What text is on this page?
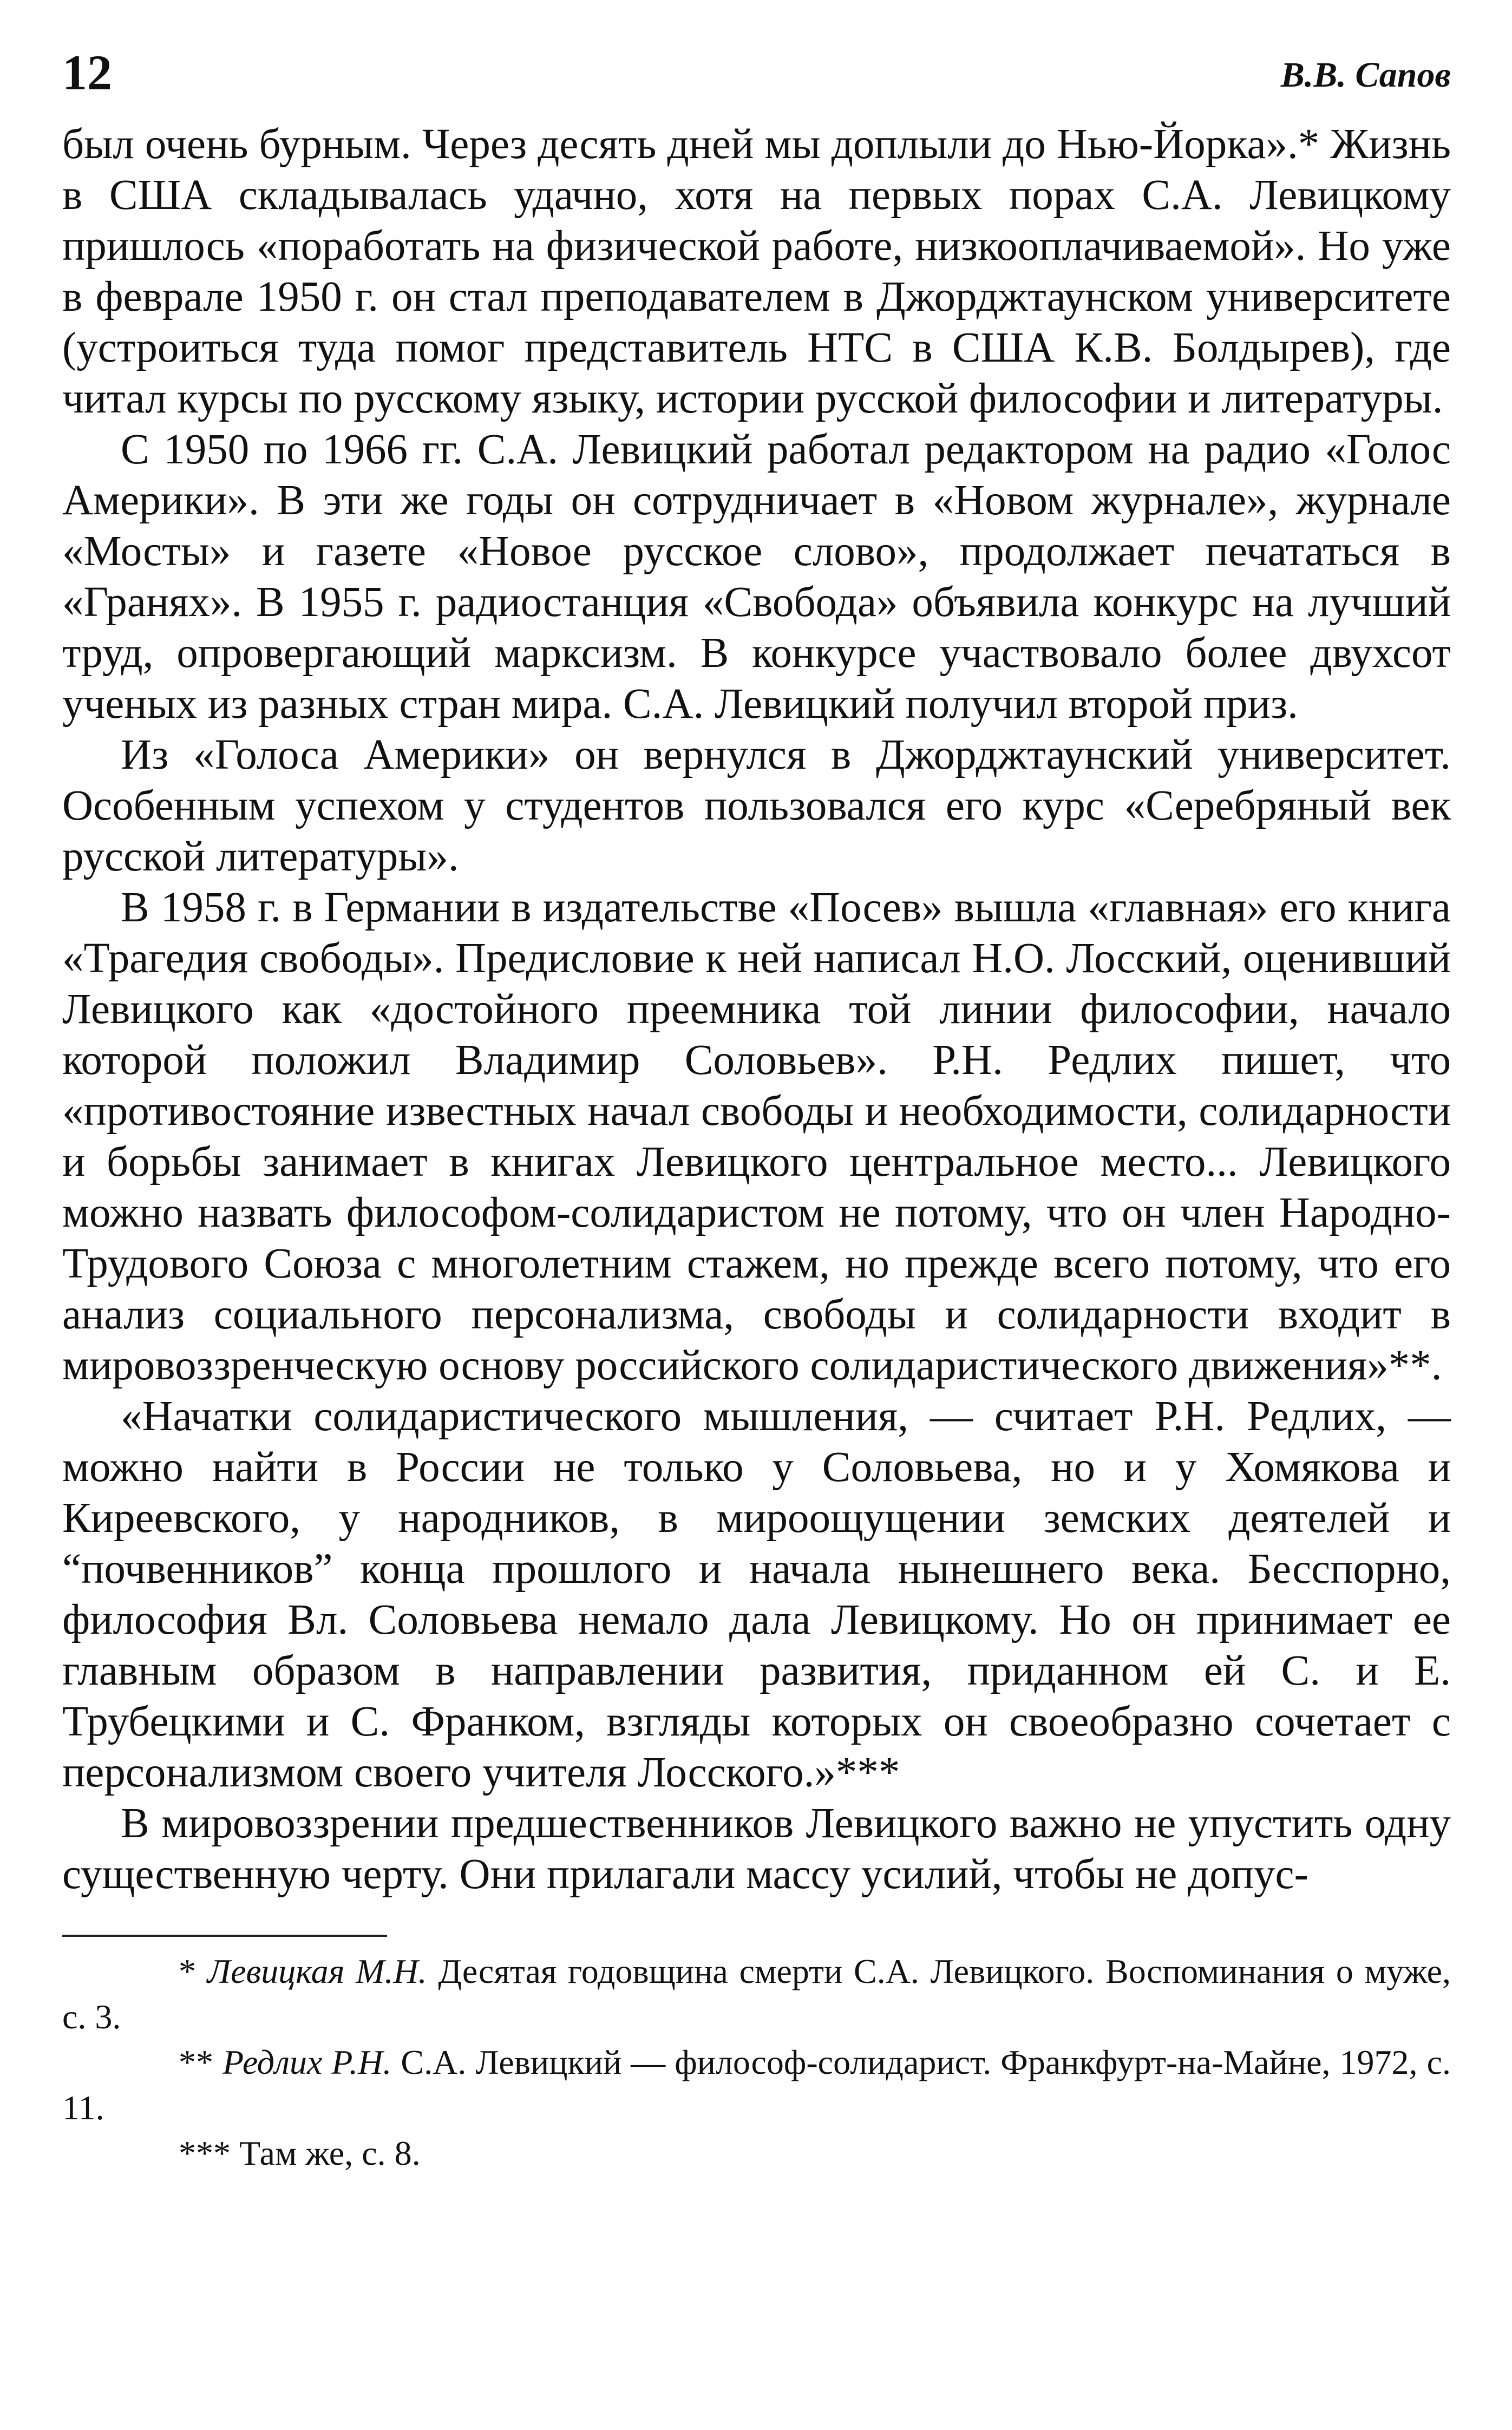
12	В.В. Сапов

был очень бурным. Через десять дней мы доплыли до Нью-Йорка».* Жизнь в США складывалась удачно, хотя на первых порах С.А. Левицкому пришлось «поработать на физической работе, низкооплачиваемой». Но уже в феврале 1950 г. он стал преподавателем в Джорджтаунском университете (устроиться туда помог представитель НТС в США К.В. Болдырев), где читал курсы по русскому языку, истории русской философии и литературы.

С 1950 по 1966 гг. С.А. Левицкий работал редактором на радио «Голос Америки». В эти же годы он сотрудничает в «Новом журнале», журнале «Мосты» и газете «Новое русское слово», продолжает печататься в «Гранях». В 1955 г. радиостанция «Свобода» объявила конкурс на лучший труд, опровергающий марксизм. В конкурсе участвовало более двухсот ученых из разных стран мира. С.А. Левицкий получил второй приз.

Из «Голоса Америки» он вернулся в Джорджтаунский университет. Особенным успехом у студентов пользовался его курс «Серебряный век русской литературы».

В 1958 г. в Германии в издательстве «Посев» вышла «главная» его книга «Трагедия свободы». Предисловие к ней написал Н.О. Лосский, оценивший Левицкого как «достойного преемника той линии философии, начало которой положил Владимир Соловьев». Р.Н. Редлих пишет, что «противостояние известных начал свободы и необходимости, солидарности и борьбы занимает в книгах Левицкого центральное место... Левицкого можно назвать философом-солидаристом не потому, что он член Народно-Трудового Союза с многолетним стажем, но прежде всего потому, что его анализ социального персонализма, свободы и солидарности входит в мировоззренческую основу российского солидаристического движения»**.

«Начатки солидаристического мышления, — считает Р.Н. Редлих, — можно найти в России не только у Соловьева, но и у Хомякова и Киреевского, у народников, в мироощущении земских деятелей и “почвенников” конца прошлого и начала нынешнего века. Бесспорно, философия Вл. Соловьева немало дала Левицкому. Но он принимает ее главным образом в направлении развития, приданном ей С. и Е. Трубецкими и С. Франком, взгляды которых он своеобразно сочетает с персонализмом своего учителя Лосского.»***

В мировоззрении предшественников Левицкого важно не упустить одну существенную черту. Они прилагали массу усилий, чтобы не допус-

* Левицкая М.Н. Десятая годовщина смерти С.А. Левицкого. Воспоминания о муже, с. 3.

** Редлих Р.Н. С.А. Левицкий — философ-солидарист. Франкфурт-на-Майне, 1972, с. 11.

*** Там же, с. 8.
